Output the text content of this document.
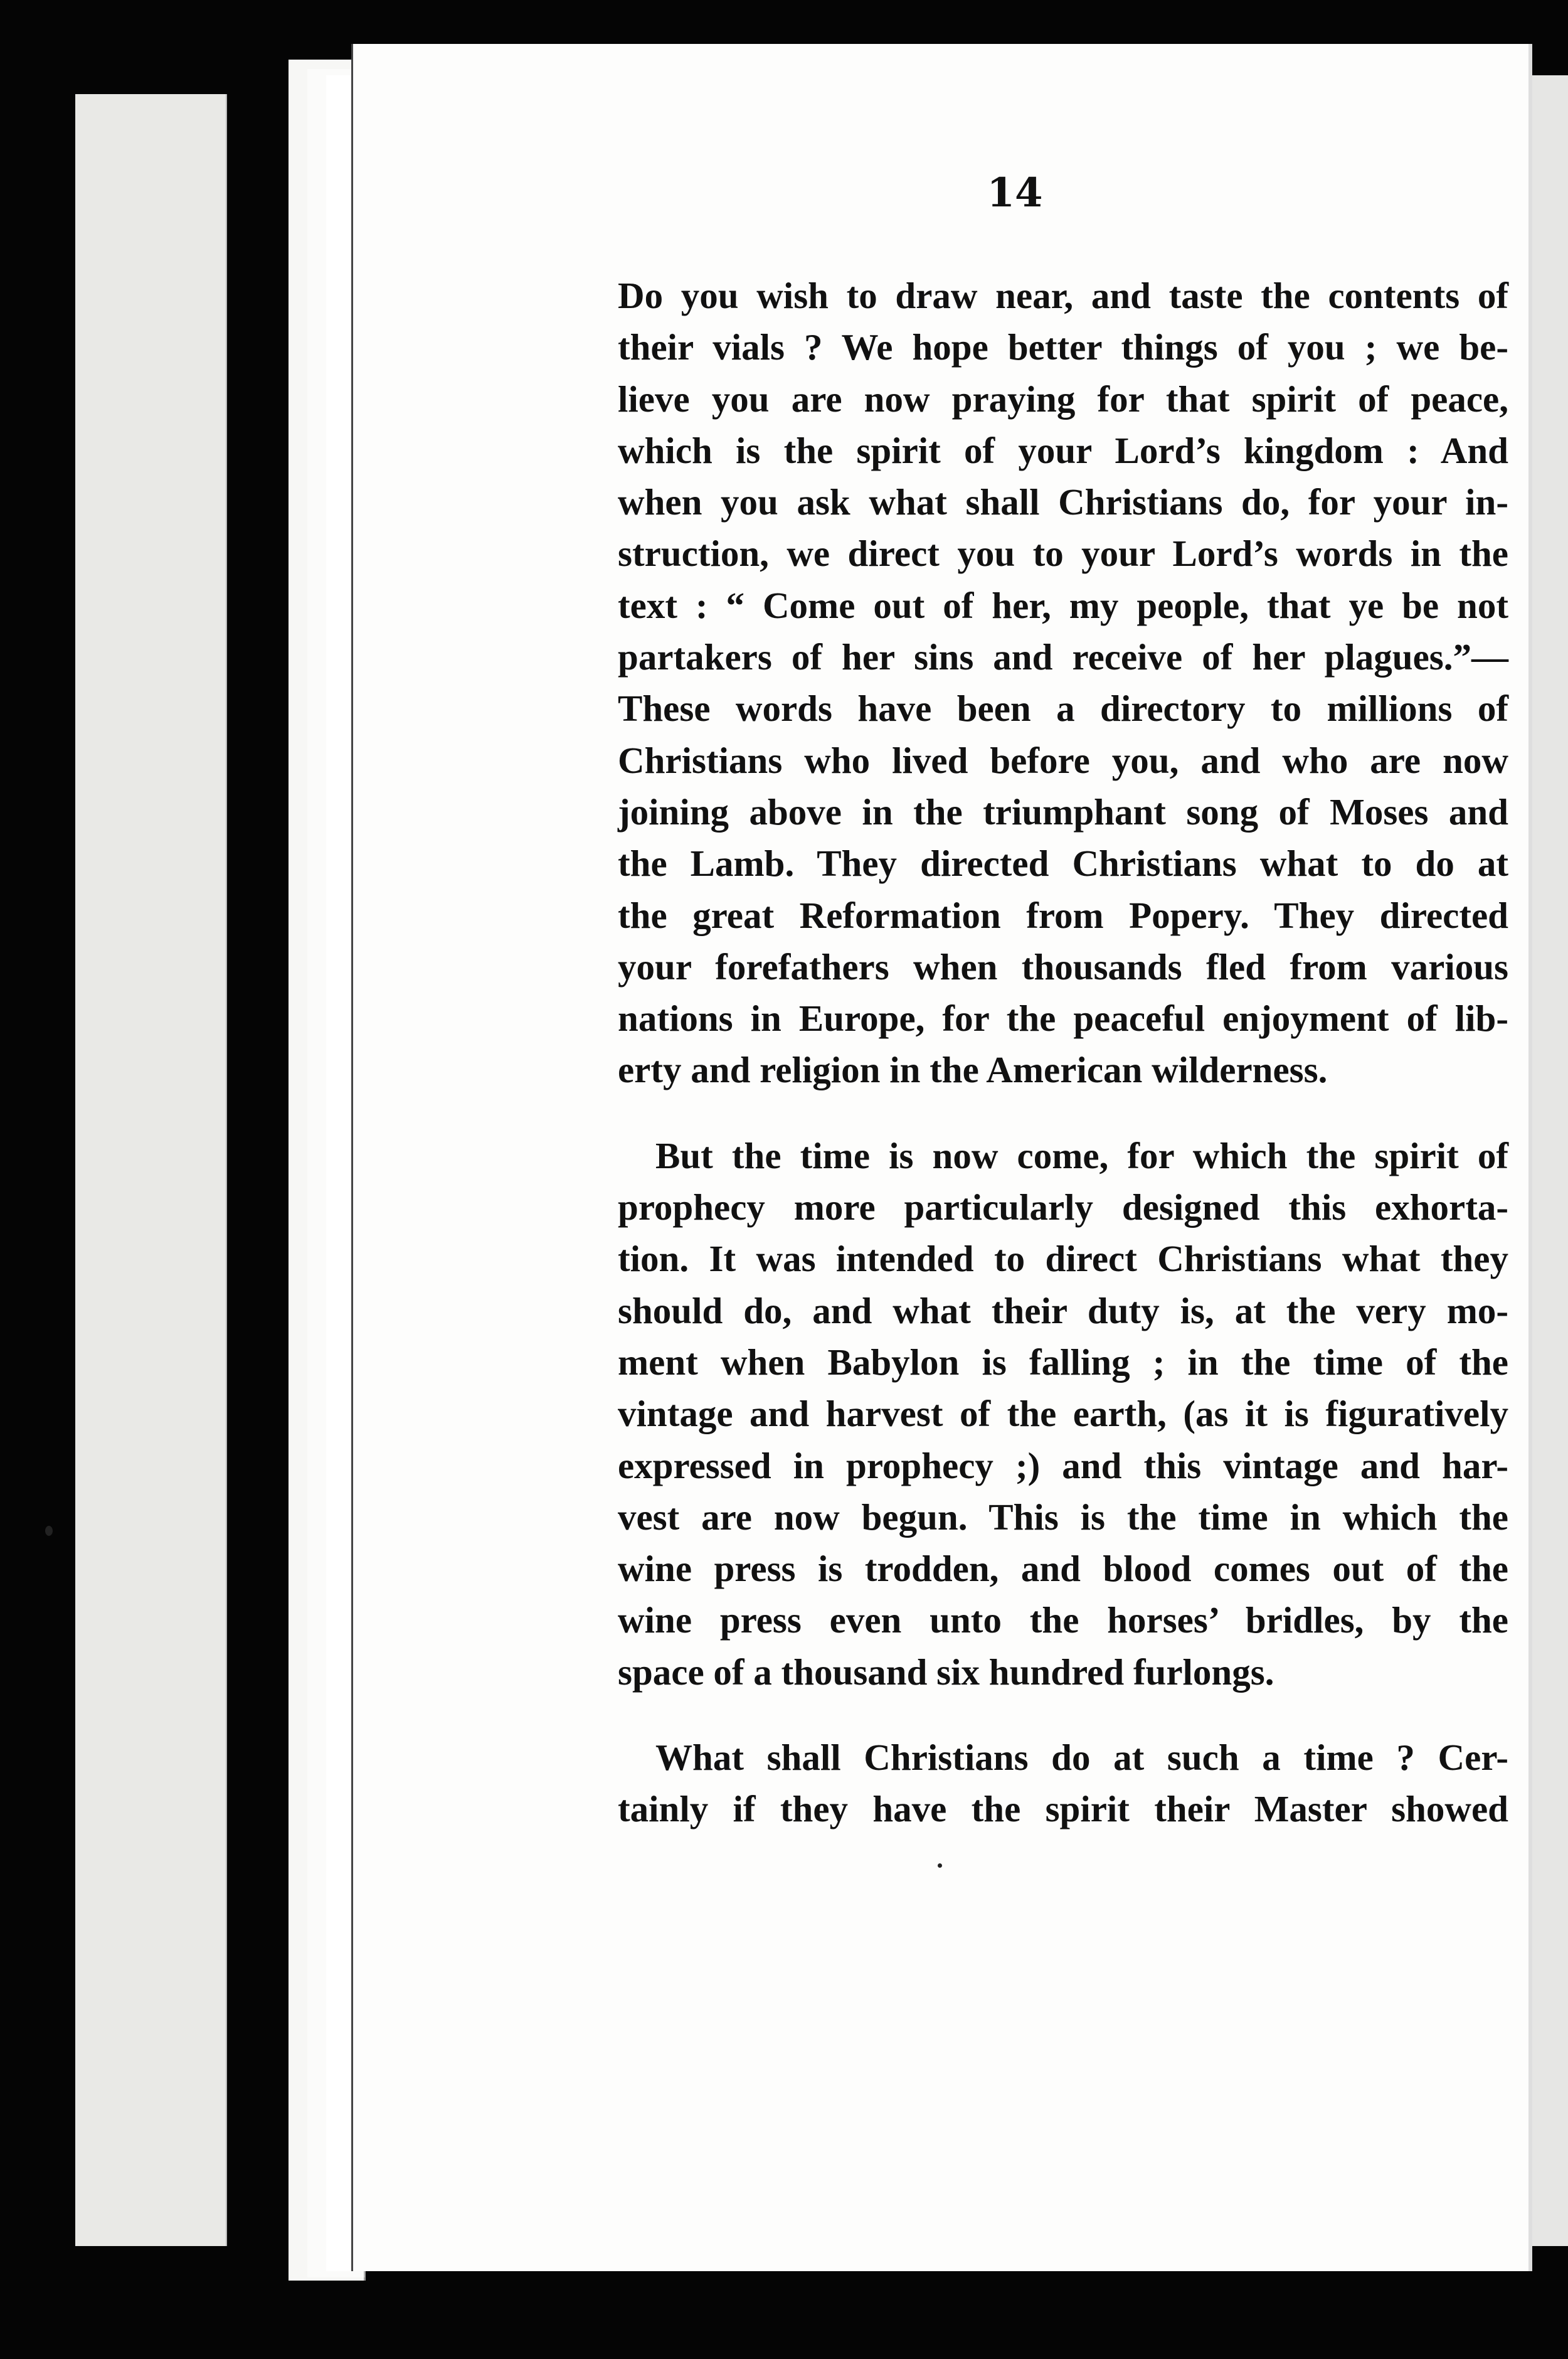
14
Do you wish to draw near, and taste the contents of
their vials ? We hope better things of you ; we be-
lieve you are now praying for that spirit of peace,
which is the spirit of your Lord’s kingdom : And
when you ask what shall Christians do, for your in-
struction, we direct you to your Lord’s words in the
text : “ Come out of her, my people, that ye be not
partakers of her sins and receive of her plagues.”—
These words have been a directory to millions of
Christians who lived before you, and who are now
joining above in the triumphant song of Moses and
the Lamb. They directed Christians what to do at
the great Reformation from Popery. They directed
your forefathers when thousands fled from various
nations in Europe, for the peaceful enjoyment of lib-
erty and religion in the American wilderness.
But the time is now come, for which the spirit of
prophecy more particularly designed this exhorta-
tion. It was intended to direct Christians what they
should do, and what their duty is, at the very mo-
ment when Babylon is falling ; in the time of the
vintage and harvest of the earth, (as it is figuratively
expressed in prophecy ;) and this vintage and har-
vest are now begun. This is the time in which the
wine press is trodden, and blood comes out of the
wine press even unto the horses’ bridles, by the
space of a thousand six hundred furlongs.
What shall Christians do at such a time ? Cer-
tainly if they have the spirit their Master showed
